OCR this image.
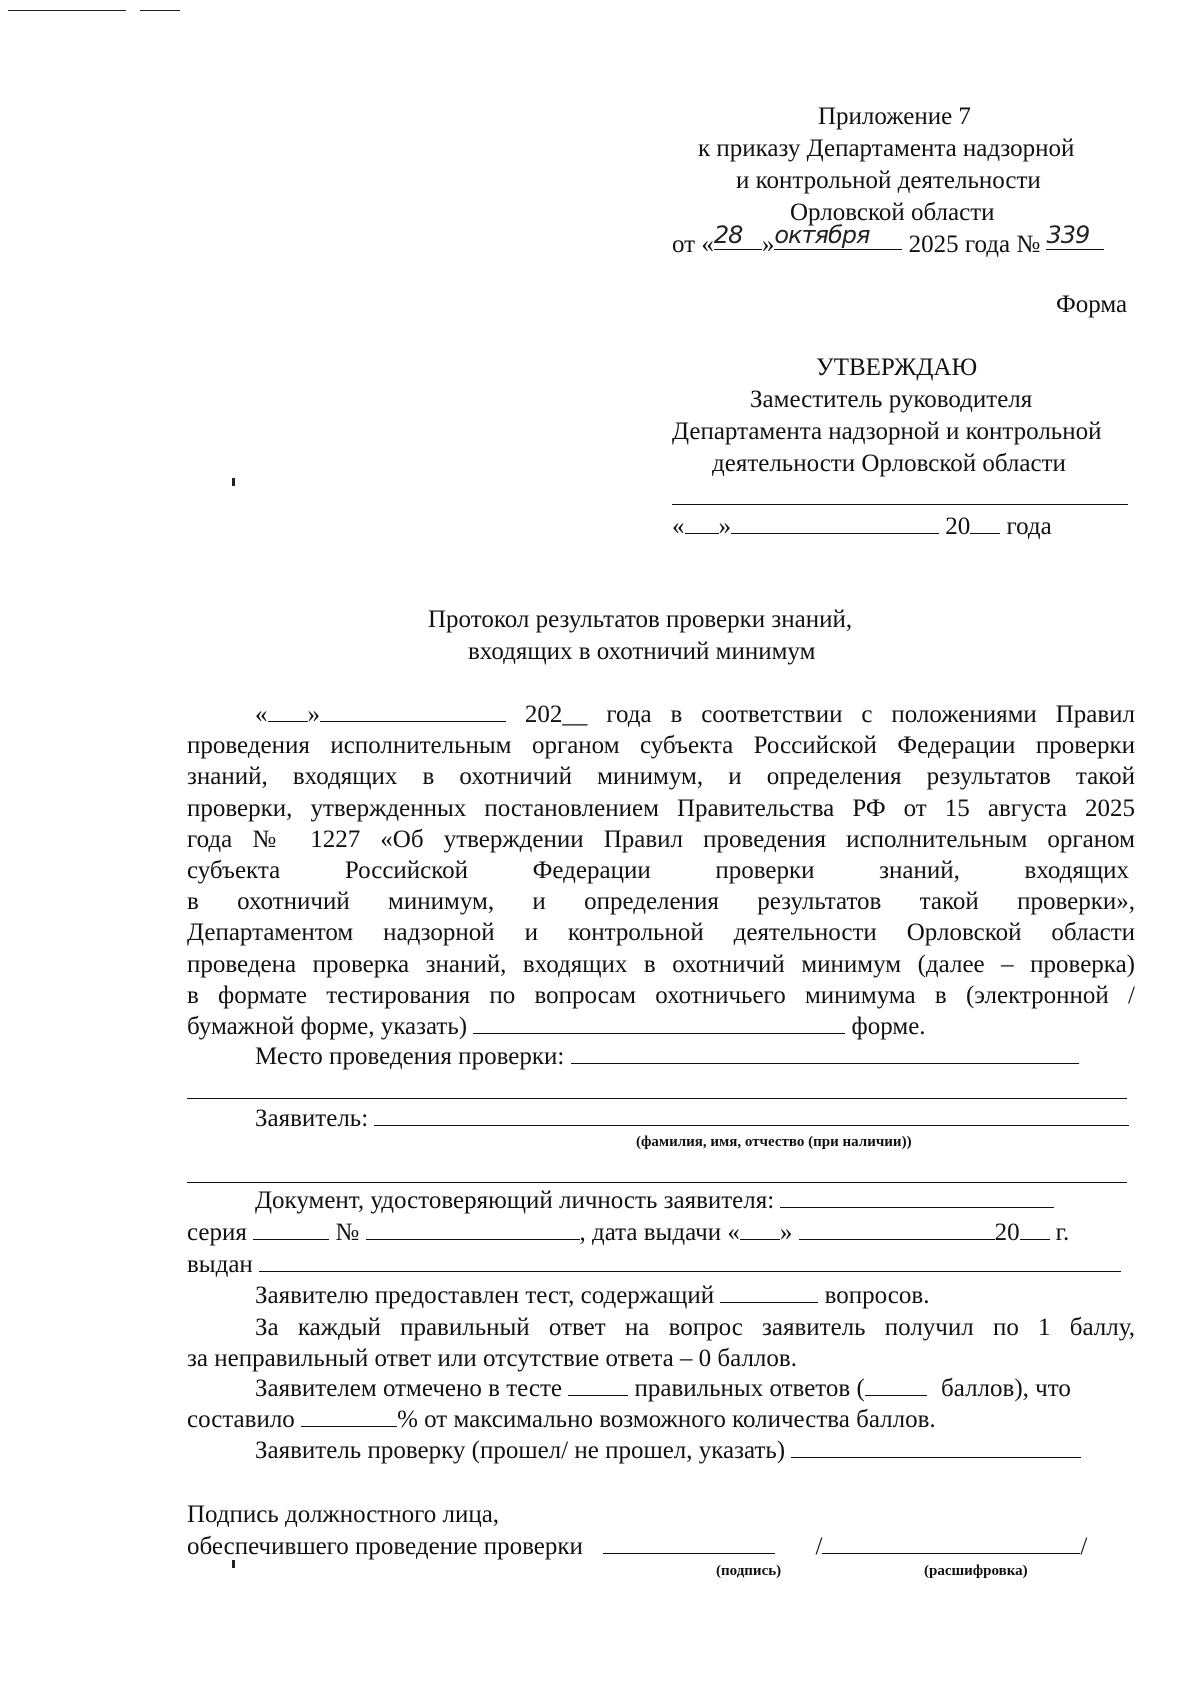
Приложение 7
к приказу Департамента надзорной
и контрольной деятельности
Орловской области
от «28 »октября 2025 года № 339
Форма
УТВЕРЖДАЮ
Заместитель руководителя
Департамента надзорной и контрольной
деятельности Орловской области
« »	20 года
Протокол результатов проверки знаний,
входящих в охотничий минимум
« »	202__ года в соответствии с положениями Правил
проведения исполнительным органом субъекта Российской Федерации проверки
знаний, входящих в охотничий минимум, и определения результатов такой
проверки, утвержденных постановлением Правительства РФ от 15 августа 2025
года № 1227 «Об утверждении Правил проведения исполнительным органом
субъекта Российской Федерации проверки знаний, входящих
в охотничий минимум, и определения результатов такой проверки»,
Департаментом надзорной и контрольной деятельности Орловской области
проведена проверка знаний, входящих в охотничий минимум (далее – проверка)
в формате тестирования по вопросам охотничьего минимума в (электронной /
бумажной форме, указать)	форме.
Место проведения проверки:
Заявитель:
(фамилия, имя, отчество (при наличии))
Документ, удостоверяющий личность заявителя:
серия	№	, дата выдачи « »	20 г.
выдан
Заявителю предоставлен тест, содержащий	вопросов.
За каждый правильный ответ на вопрос заявитель получил по 1 баллу,
за неправильный ответ или отсутствие ответа – 0 баллов.
Заявителем отмечено в тесте	правильных ответов (	баллов), что
составило	% от максимально возможного количества баллов.
Заявитель проверку (прошел/ не прошел, указать)
Подпись должностного лица,
обеспечившего проведение проверки	/	/
(подпись)	(расшифровка)
